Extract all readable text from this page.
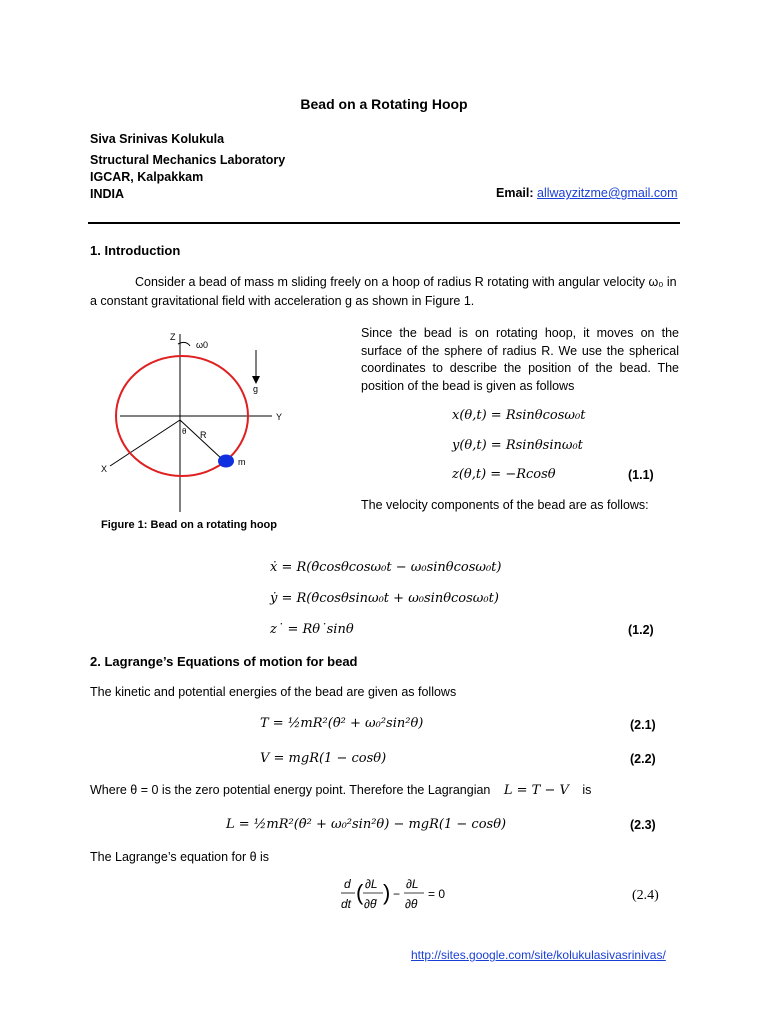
Bead on a Rotating Hoop
Siva Srinivas Kolukula
Structural Mechanics Laboratory
IGCAR, Kalpakkam
INDIA	Email: allwayzitzme@gmail.com
1. Introduction
Consider a bead of mass m sliding freely on a hoop of radius R rotating with angular velocity ω₀ in a constant gravitational field with acceleration g as shown in Figure 1.
Z
ω0
g
Y
X
θ R
m
Figure 1: Bead on a rotating hoop
Since the bead is on rotating hoop, it moves on the surface of the sphere of radius R. We use the spherical coordinates to describe the position of the bead. The position of the bead is given as follows
x(θ,t) = Rsinθcosω₀t
y(θ,t) = Rsinθsinω₀t
z(θ,t) = −Rcosθ	(1.1)
The velocity components of the bead are as follows:
ẋ = R(θ̇cosθcosω₀t − ω₀sinθcosω₀t)
ẏ = R(θ̇cosθsinω₀t + ω₀sinθcosω₀t)
z˙ = Rθ˙sinθ	(1.2)
2. Lagrange’s Equations of motion for bead
The kinetic and potential energies of the bead are given as follows
T = ½mR²(θ̇² + ω₀²sin²θ)	(2.1)
V = mgR(1 − cosθ)	(2.2)
Where θ = 0 is the zero potential energy point. Therefore the Lagrangian L = T − V is
L = ½mR²(θ̇² + ω₀²sin²θ) − mgR(1 − cosθ)	(2.3)
The Lagrange’s equation for θ is
d
dt ( ∂L
∂θ̇ ) −
∂L
∂θ
= 0	(2.4)
http://sites.google.com/site/kolukulasivasrinivas/
